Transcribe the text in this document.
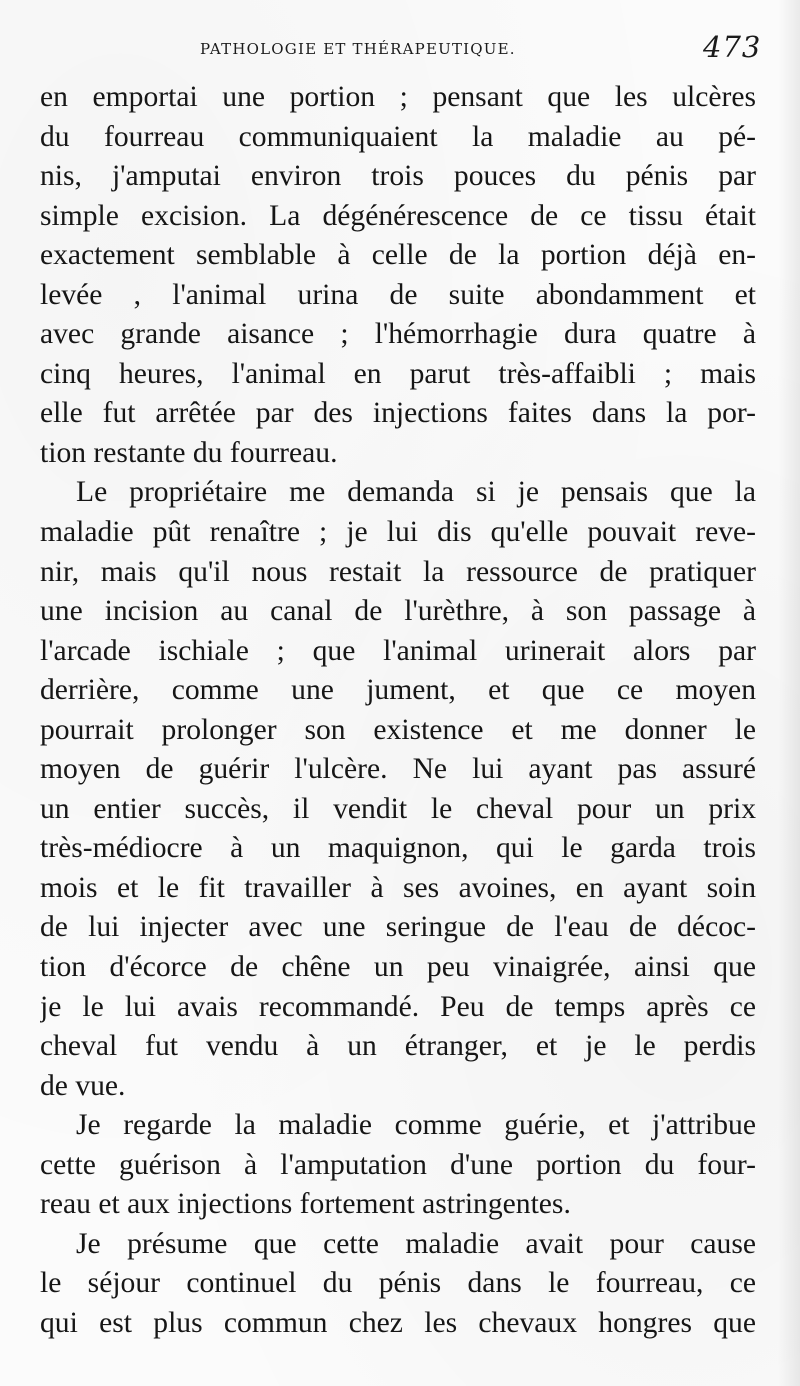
PATHOLOGIE ET THÉRAPEUTIQUE.	473
en emportai une portion ; pensant que les ulcères
du fourreau communiquaient la maladie au pé-
nis, j'amputai environ trois pouces du pénis par
simple excision. La dégénérescence de ce tissu était
exactement semblable à celle de la portion déjà en-
levée , l'animal urina de suite abondamment et
avec grande aisance ; l'hémorrhagie dura quatre à
cinq heures, l'animal en parut très-affaibli ; mais
elle fut arrêtée par des injections faites dans la por-
tion restante du fourreau.
Le propriétaire me demanda si je pensais que la
maladie pût renaître ; je lui dis qu'elle pouvait reve-
nir, mais qu'il nous restait la ressource de pratiquer
une incision au canal de l'urèthre, à son passage à
l'arcade ischiale ; que l'animal urinerait alors par
derrière, comme une jument, et que ce moyen
pourrait prolonger son existence et me donner le
moyen de guérir l'ulcère. Ne lui ayant pas assuré
un entier succès, il vendit le cheval pour un prix
très-médiocre à un maquignon, qui le garda trois
mois et le fit travailler à ses avoines, en ayant soin
de lui injecter avec une seringue de l'eau de décoc-
tion d'écorce de chêne un peu vinaigrée, ainsi que
je le lui avais recommandé. Peu de temps après ce
cheval fut vendu à un étranger, et je le perdis
de vue.
Je regarde la maladie comme guérie, et j'attribue
cette guérison à l'amputation d'une portion du four-
reau et aux injections fortement astringentes.
Je présume que cette maladie avait pour cause
le séjour continuel du pénis dans le fourreau, ce
qui est plus commun chez les chevaux hongres que
